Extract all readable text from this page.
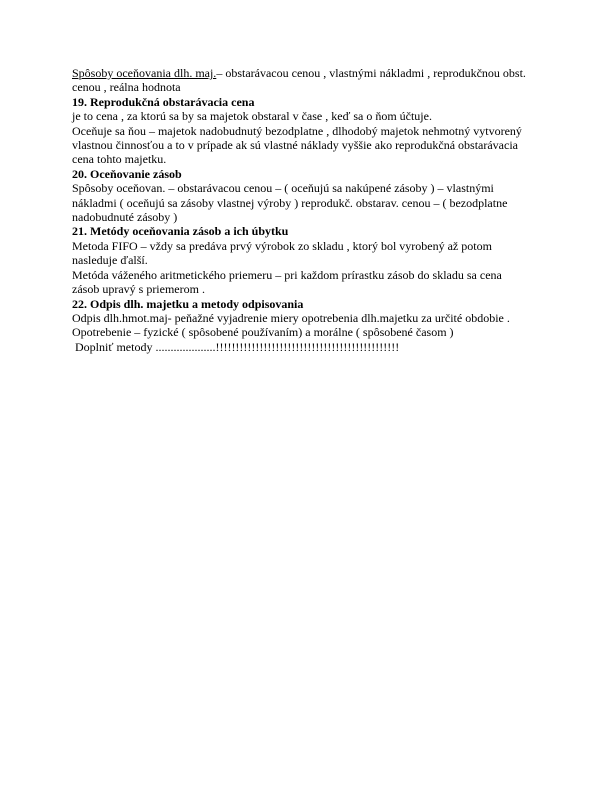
Spôsoby oceňovania dlh. maj.– obstarávacou cenou , vlastnými nákladmi , reprodukčnou obst. cenou , reálna hodnota

19. Reprodukčná obstarávacia cena

je to cena , za ktorú sa by sa majetok obstaral v čase , keď sa o ňom účtuje.

Oceňuje sa ňou – majetok nadobudnutý bezodplatne , dlhodobý majetok nehmotný vytvorený vlastnou činnosťou a to v prípade ak sú vlastné náklady vyššie ako reprodukčná obstarávacia cena tohto majetku.

20. Oceňovanie zásob

Spôsoby oceňovan. – obstarávacou cenou – ( oceňujú sa nakúpené zásoby ) – vlastnými nákladmi ( oceňujú sa zásoby vlastnej výroby ) reprodukč. obstarav. cenou – ( bezodplatne nadobudnuté zásoby )

21. Metódy oceňovania zásob a ich úbytku

Metoda FIFO – vždy sa predáva prvý výrobok zo skladu , ktorý bol vyrobený až potom nasleduje ďalší.

Metóda váženého aritmetického priemeru – pri každom prírastku zásob do skladu sa cena zásob upravý s priemerom .

22. Odpis dlh. majetku a metody odpisovania

Odpis dlh.hmot.maj- peňažné vyjadrenie miery opotrebenia dlh.majetku za určité obdobie .

Opotrebenie – fyzické ( spôsobené používaním) a morálne ( spôsobené časom )

Doplniť metody ....................!!!!!!!!!!!!!!!!!!!!!!!!!!!!!!!!!!!!!!!!!!!!!!
